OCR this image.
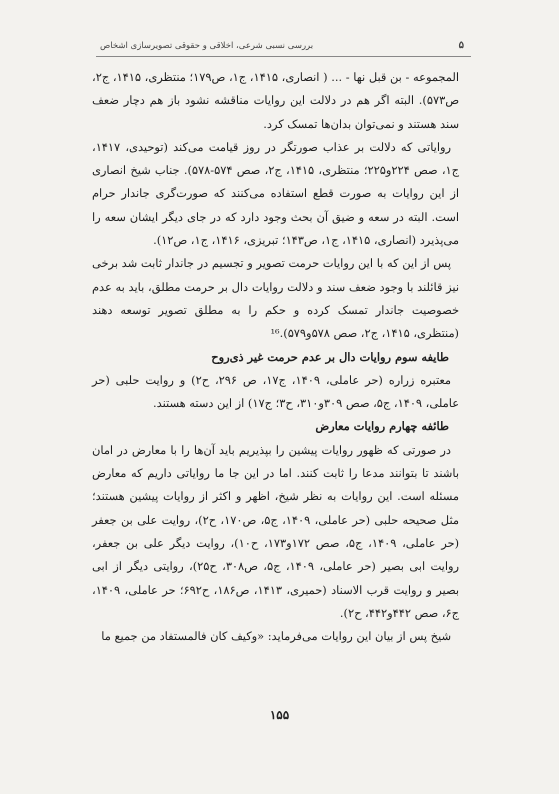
۵
بررسی نسبی شرعی، اخلاقی و حقوقی تصویرسازی اشخاص

المجموعه - بن قبل نها - ... ( انصاری، ۱۴۱۵، ج۱، ص۱۷۹؛ منتظری، ۱۴۱۵، ج۲، ص۵۷۳). البته اگر هم در دلالت این روایات مناقشه نشود باز هم دچار ضعف سند هستند و نمی‌توان بدان‌ها تمسک کرد.

روایاتی که دلالت بر عذاب صورتگر در روز قیامت می‌کند (توحیدی، ۱۴۱۷، ج۱، صص ۲۲۴و۲۲۵؛ منتظری، ۱۴۱۵، ج۲، صص ۵۷۴-۵۷۸). جناب شیخ انصاری از این روایات به صورت قطع استفاده می‌کنند که صورت‌گری جاندار حرام است. البته در سعه و ضیق آن بحث وجود دارد که در جای دیگر ایشان سعه را می‌پذیرد (انصاری، ۱۴۱۵، ج۱، ص۱۴۳؛ تبریزی، ۱۴۱۶، ج۱، ص۱۲).

پس از این که با این روایات حرمت تصویر و تجسیم در جاندار ثابت شد برخی نیز قائلند با وجود ضعف سند و دلالت روایات دال بر حرمت مطلق، باید به عدم خصوصیت جاندار تمسک کرده و حکم را به مطلق تصویر توسعه دهند (منتظری، ۱۴۱۵، ج۲، صص ۵۷۸و۵۷۹).¹⁶

طایفه سوم روایات دال بر عدم حرمت غیر ذی‌روح

معتبره زراره (حر عاملی، ۱۴۰۹، ج۱۷، ص ۲۹۶، ح۲) و روایت حلبی (حر عاملی، ۱۴۰۹، ج۵، صص ۳۰۹و۳۱۰، ح۳؛ ج۱۷) از این دسته هستند.

طائفه چهارم روایات معارض

در صورتی که ظهور روایات پیشین را بپذیریم باید آن‌ها را با معارض در امان باشند تا بتوانند مدعا را ثابت کنند. اما در این جا ما روایاتی داریم که معارض مسئله است. این روایات به نظر شیخ، اظهر و اکثر از روایات پیشین هستند؛ مثل صحیحه حلبی (حر عاملی، ۱۴۰۹، ج۵، ص۱۷۰، ح۲)، روایت علی بن جعفر (حر عاملی، ۱۴۰۹، ج۵، صص ۱۷۲و۱۷۳، ح۱۰)، روایت دیگر علی بن جعفر، روایت ابی بصیر (حر عاملی، ۱۴۰۹، ج۵، ص۳۰۸، ح۲۵)، روایتی دیگر از ابی بصیر و روایت قرب الاسناد (حمیری، ۱۴۱۳، ص۱۸۶، ح۶۹۲؛ حر عاملی، ۱۴۰۹، ج۶، صص ۴۴۲و۴۴۲، ح۲).

شیخ پس از بیان این روایات می‌فرماید: «وکیف کان فالمستفاد من جمیع ما

۱۵۵
